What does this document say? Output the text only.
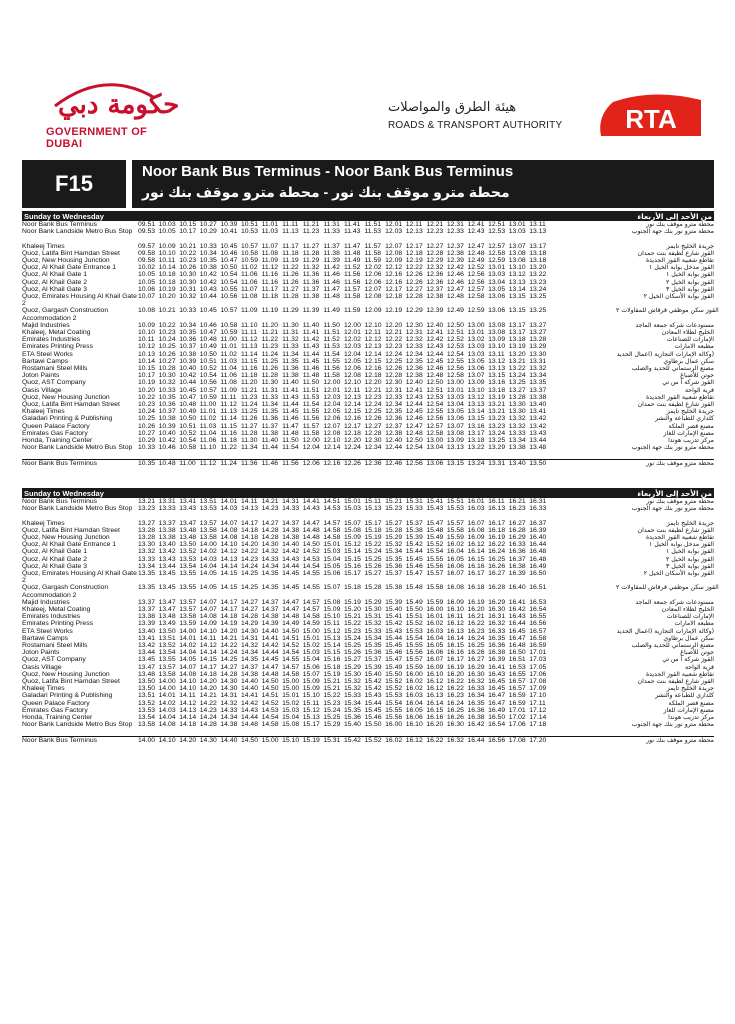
حكومة دبي
GOVERNMENT OF DUBAI
هيئة الطرق والمواصلات
ROADS & TRANSPORT AUTHORITY RTA
F15	Noor Bank Bus Terminus - Noor Bank Bus Terminus
محطة مترو موقف بنك نور - محطة مترو موقف بنك نور
Sunday to Wednesday	من الأحد إلى الأربعاء
Noor Bank Bus Terminus	09.51 10.03 10.15 10.27 10.39 10.51 11.01 11.11 11.21 11.31 11.41 11.51 12.01 12.11 12.21 12.31 12.41 12.51 13.01 13.11	محطة مترو موقف بنك نور
Noor Bank Landside Metro Bus Stop 09.53 10.05 10.17 10.29 10.41 10.53 11.03 11.13 11.23 11.33 11.43 11.53 12.03 12.13 12.23 12.33 12.43 12.53 13.03 13.13	محطة مترو نور بنك جهة الجنوب
Khaleej Times	09.57 10.09 10.21 10.33 10.45 10.57 11.07 11.17 11.27 11.37 11.47 11.57 12.07 12.17 12.27 12.37 12.47 12.57 13.07 13.17	جريدة الخليج تايمز
Quoz, Latifa Bint Hamdan Street	09.58 10.10 10.22 10.34 10.46 10.58 11.08 11.18 11.28 11.38 11.48 11.58 12.08 12.18 12.28 12.38 12.48 12.58 13.08 13.18	القوز شارع لطيفة بنت حمدان
Quoz, New Housing Junction	09.58 10.11 10.23 10.35 10.47 10.59 11.09 11.19 11.29 11.39 11.49 11.59 12.09 12.19 12.29 12.39 12.49 12.59 13.08 13.18	تقاطع شعبية القوز الجديدة
Quoz, Al Khail Gate Entrance 1	10.02 10.14 10.26 10.38 10.50 11.02 11.12 11.22 11.32 11.42 11.52 12.02 12.12 12.22 12.32 12.42 12.52 13.01 13.10 13.20	القوز مدخل بوابة الخيل ١
Quoz, Al Khail Gate 1	10.05 10.18 10.30 10.42 10.54 11.06 11.16 11.26 11.36 11.46 11.56 12.06 12.16 12.26 12.36 12.46 12.56 13.03 13.12 13.22	القوز بوابة الخيل ١
Quoz, Al Khail Gate 2	10.05 10.18 10.30 10.42 10.54 11.06 11.16 11.26 11.36 11.46 11.56 12.06 12.16 12.26 12.36 12.46 12.56 13.04 13.13 13.23	القوز بوابة الخيل ٢
Quoz, Al Khail Gate 3	10.06 10.19 10.31 10.43 10.55 11.07 11.17 11.27 11.37 11.47 11.57 12.07 12.17 12.27 12.37 12.47 12.57 13.05 13.14 13.24	القوز بوابة الخيل ٣
Quoz, Emirates Housing Al Khail Gate 2
10.07 10.20 10.32 10.44 10.56 11.08 11.18 11.28 11.38 11.48 11.58 12.08 12.18 12.28 12.38 12.48 12.58 13.06 13.15 13.25	القوز بوابة الأسكان الخيل ٢
Quoz, Gargash Construction Accommodation 2
10.08 10.21 10.33 10.45 10.57 11.09 11.19 11.29 11.39 11.49 11.59 12.09 12.19 12.29 12.39 12.49 12.59 13.06 13.15 13.25	القوز سكن موظفي قرقاش للمقاولات ٢
Majid Industries	10.09 10.22 10.34 10.46 10.58 11.10 11.20 11.30 11.40 11.50 12.00 12.10 12.20 12.30 12.40 12.50 13.00 13.08 13.17 13.27	مستودعات شركة جمعة الماجد
Khaleej, Metal Coating	10.10 10.23 10.35 10.47 10.59 11.11 11.21 11.31 11.41 11.51 12.01 12.11 12.21 12.31 12.41 12.51 13.01 13.08 13.17 13.27	الخليج لطلاء المعادن
Emirates Industries	10.11 10.24 10.36 10.48 11.00 11.12 11.22 11.32 11.42 11.52 12.02 12.12 12.22 12.32 12.42 12.52 13.02 13.09 13.18 13.28	الإمارات للصناعات
Emirates Printing Press	10.12 10.25 10.37 10.49 11.01 11.13 11.23 11.33 11.43 11.53 12.03 12.13 12.23 12.33 12.43 12.53 13.03 13.10 13.19 13.29	مطبعة الامارات
ETA Steel Works	10.13 10.26 10.38 10.50 11.02 11.14 11.24 11.34 11.44 11.54 12.04 12.14 12.24 12.34 12.44 12.54 13.03 13.11 13.20 13.30	(وكالة الإمارات التجارية (اعمال الحديد
Bartawi Camps	10.14 10.27 10.39 10.51 11.03 11.15 11.25 11.35 11.45 11.55 12.05 12.15 12.25 12.35 12.45 12.55 13.05 13.12 13.21 13.31	سكن عمال برطاوي
Rostamani Steel Mills	10.15 10.28 10.40 10.52 11.04 11.16 11.26 11.36 11.46 11.56 12.06 12.16 12.26 12.36 12.46 12.56 13.06 13.13 13.22 13.32	مصنع الرستماني للحديد والصلب
Joton Paints	10.17 10.30 10.42 10.54 11.06 11.18 11.28 11.38 11.48 11.58 12.08 12.18 12.28 12.38 12.48 12.58 13.07 13.15 13.24 13.34	جوتن للأصباغ
Quoz, AST Company	10.19 10.32 10.44 10.56 11.08 11.20 11.30 11.40 11.50 12.00 12.10 12.20 12.30 12.40 12.50 13.00 13.09 13.16 13.25 13.35	القوز شركة أ س تي
Oasis Village	10.20 10.33 10.45 10.57 11.09 11.21 11.31 11.41 11.51 12.01 12.11 12.21 12.31 12.41 12.51 13.01 13.10 13.18 13.27 13.37	قرية الواحة
Quoz, New Housing Junction	10.22 10.35 10.47 10.59 11.11 11.23 11.33 11.43 11.53 12.03 12.13 12.23 12.33 12.43 12.53 13.03 13.12 13.19 13.28 13.38	تقاطع شعبية القوز الجديدة
Quoz, Latifa Bint Hamdan Street	10.23 10.36 10.48 11.00 11.12 11.24 11.34 11.44 11.54 12.04 12.14 12.24 12.34 12.44 12.54 13.04 13.13 13.21 13.30 13.40	القوز شارع لطيفة بنت حمدان
Khaleej Times	10.24 10.37 10.49 11.01 11.13 11.25 11.35 11.45 11.55 12.05 12.15 12.25 12.35 12.45 12.55 13.05 13.14 13.21 13.30 13.41	جريدة الخليج تايمز
Galadari Printing & Publishing	10.25 10.38 10.50 11.02 11.14 11.26 11.36 11.46 11.56 12.06 12.16 12.26 12.36 12.46 12.56 13.06 13.15 13.23 13.32 13.42	كلداري للطباعة والنشر
Queen Palace Factory	10.26 10.39 10.51 11.03 11.15 11.27 11.37 11.47 11.57 12.07 12.17 12.27 12.37 12.47 12.57 13.07 13.16 13.23 13.32 13.42	مصنع قصر الملكة
Emirates Gas Factory	10.27 10.40 10.52 11.04 11.16 11.28 11.38 11.48 11.58 12.08 12.18 12.28 12.38 12.48 12.58 13.08 13.17 13.24 13.33 13.43	مصنع الإمارات للغاز
Honda, Training Center	10.29 10.42 10.54 11.06 11.18 11.30 11.40 11.50 12.00 12.10 12.20 12.30 12.40 12.50 13.00 13.09 13.18 13.25 13.34 13.44	مركز تدريب هوندا
Noor Bank Landside Metro Bus Stop 10.33 10.46 10.58 11.10 11.22 11.34 11.44 11.54 12.04 12.14 12.24 12.34 12.44 12.54 13.04 13.13 13.22 13.29 13.38 13.48	محطة مترو نور بنك جهة الجنوب
Noor Bank Bus Terminus	10.35 10.48 11.00 11.12 11.24 11.36 11.46 11.56 12.06 12.16 12.26 12.36 12.46 12.56 13.06 13.15 13.24 13.31 13.40 13.50	محطة مترو موقف بنك نور
Sunday to Wednesday	من الأحد إلى الأربعاء
Noor Bank Bus Terminus	13.21 13.31 13.41 13.51 14.01 14.11 14.21 14.31 14.41 14.51 15.01 15.11 15.21 15.31 15.41 15.51 16.01 16.11 16.21 16.31	محطة مترو موقف بنك نور
Noor Bank Landside Metro Bus Stop 13.23 13.33 13.43 13.53 14.03 14.13 14.23 14.33 14.43 14.53 15.03 15.13 15.23 15.33 15.43 15.53 16.03 16.13 16.23 16.33	محطة مترو نور بنك جهة الجنوب
Khaleej Times	13.27 13.37 13.47 13.57 14.07 14.17 14.27 14.37 14.47 14.57 15.07 15.17 15.27 15.37 15.47 15.57 16.07 16.17 16.27 16.37	جريدة الخليج تايمز
Quoz, Latifa Bint Hamdan Street	13.28 13.38 13.48 13.58 14.08 14.18 14.28 14.38 14.48 14.58 15.08 15.18 15.28 15.38 15.48 15.58 16.08 16.18 16.28 16.39	القوز شارع لطيفة بنت حمدان
Quoz, New Housing Junction	13.28 13.38 13.48 13.58 14.08 14.18 14.28 14.38 14.48 14.58 15.09 15.19 15.29 15.39 15.49 15.59 16.09 16.19 16.29 16.40	تقاطع شعبية القوز الجديدة
Quoz, Al Khail Gate Entrance 1	13.30 13.40 13.50 14.00 14.10 14.20 14.30 14.40 14.50 15.01 15.12 15.22 15.32 15.42 15.52 16.02 16.12 16.22 16.33 16.44	القوز مدخل بوابة الخيل ١
Quoz, Al Khail Gate 1	13.32 13.42 13.52 14.02 14.12 14.22 14.32 14.42 14.52 15.03 15.14 15.24 15.34 15.44 15.54 16.04 16.14 16.24 16.36 16.48	القوز بوابة الخيل ١
Quoz, Al Khail Gate 2	13.33 13.43 13.53 14.03 14.13 14.23 14.33 14.43 14.53 15.04 15.15 15.25 15.35 15.45 15.55 16.05 16.15 16.25 16.37 16.48	القوز بوابة الخيل ٢
Quoz, Al Khail Gate 3	13.34 13.44 13.54 14.04 14.14 14.24 14.34 14.44 14.54 15.05 15.16 15.26 15.36 15.46 15.56 16.06 16.16 16.26 16.38 16.49	القوز بوابة الخيل ٣
Quoz, Emirates Housing Al Khail Gate 2
13.35 13.45 13.55 14.05 14.15 14.25 14.35 14.45 14.55 15.06 15.17 15.27 15.37 15.47 15.57 16.07 16.17 16.27 16.39 16.50	القوز بوابة الأسكان الخيل ٢
Quoz, Gargash Construction Accommodation 2
13.35 13.45 13.55 14.05 14.15 14.25 14.35 14.45 14.55 15.07 15.18 15.28 15.38 15.48 15.58 16.08 16.18 16.28 16.40 16.51	القوز سكن موظفي قرقاش للمقاولات ٢
Majid Industries	13.37 13.47 13.57 14.07 14.17 14.27 14.37 14.47 14.57 15.08 15.19 15.29 15.39 15.49 15.59 16.09 16.19 16.29 16.41 16.53	مستودعات شركة جمعة الماجد
Khaleej, Metal Coating	13.37 13.47 13.57 14.07 14.17 14.27 14.37 14.47 14.57 15.09 15.20 15.30 15.40 15.50 16.00 16.10 16.20 16.30 16.42 16.54	الخليج لطلاء المعادن
Emirates Industries	13.38 13.48 13.58 14.08 14.18 14.28 14.38 14.48 14.58 15.10 15.21 15.31 15.41 15.51 16.01 16.11 16.21 16.31 16.43 16.55	الإمارات للصناعات
Emirates Printing Press	13.39 13.49 13.59 14.09 14.19 14.29 14.39 14.49 14.59 15.11 15.22 15.32 15.42 15.52 16.02 16.12 16.22 16.32 16.44 16.56	مطبعة الامارات
ETA Steel Works	13.40 13.50 14.00 14.10 14.20 14.30 14.40 14.50 15.00 15.12 15.23 15.33 15.43 15.53 16.03 16.13 16.23 16.33 16.45 16.57	(وكالة الإمارات التجارية (اعمال الحديد
Bartawi Camps	13.41 13.51 14.01 14.11 14.21 14.31 14.41 14.51 15.01 15.13 15.24 15.34 15.44 15.54 16.04 16.14 16.24 16.35 16.47 16.58	سكن عمال برطاوي
Rostamani Steel Mills	13.42 13.52 14.02 14.12 14.22 14.32 14.42 14.52 15.02 15.14 15.25 15.35 15.45 15.55 16.05 16.15 16.25 16.36 16.48 16.59	مصنع الرستماني للحديد والصلب
Joton Paints	13.44 13.54 14.04 14.14 14.24 14.34 14.44 14.54 15.03 15.15 15.26 15.36 15.46 15.56 16.06 16.16 16.26 16.38 16.50 17.01	جوتن للأصباغ
Quoz, AST Company	13.45 13.55 14.05 14.15 14.25 14.35 14.45 14.55 15.04 15.16 15.27 15.37 15.47 15.57 16.07 16.17 16.27 16.39 16.51 17.03	القوز شركة أ س تي
Oasis Village	13.47 13.57 14.07 14.17 14.27 14.37 14.47 14.57 15.06 15.18 15.29 15.39 15.49 15.59 16.09 16.19 16.29 16.41 16.53 17.05	قرية الواحة
Quoz, New Housing Junction	13.48 13.58 14.08 14.18 14.28 14.38 14.48 14.58 15.07 15.19 15.30 15.40 15.50 16.00 16.10 16.20 16.30 16.43 16.55 17.06	تقاطع شعبية القوز الجديدة
Quoz, Latifa Bint Hamdan Street	13.50 14.00 14.10 14.20 14.30 14.40 14.50 15.00 15.09 15.21 15.32 15.42 15.52 16.02 16.12 16.22 16.32 16.45 16.57 17.08	القوز شارع لطيفة بنت حمدان
Khaleej Times	13.50 14.00 14.10 14.20 14.30 14.40 14.50 15.00 15.09 15.21 15.32 15.42 15.52 16.02 16.12 16.22 16.33 16.45 16.57 17.09	جريدة الخليج تايمز
Galadari Printing & Publishing	13.51 14.01 14.11 14.21 14.31 14.41 14.51 15.01 15.10 15.22 15.33 15.43 15.53 16.03 16.13 16.23 16.34 16.47 16.59 17.10	كلداري للطباعة والنشر
Queen Palace Factory	13.52 14.02 14.12 14.22 14.32 14.42 14.52 15.02 15.11 15.23 15.34 15.44 15.54 16.04 16.14 16.24 16.35 16.47 16.59 17.11	مصنع قصر الملكة
Emirates Gas Factory	13.53 14.03 14.13 14.23 14.33 14.43 14.53 15.03 15.12 15.24 15.35 15.45 15.55 16.05 16.15 16.25 16.36 16.49 17.01 17.12	مصنع الإمارات للغاز
Honda, Training Center	13.54 14.04 14.14 14.24 14.34 14.44 14.54 15.04 15.13 15.25 15.36 15.46 15.56 16.06 16.16 16.26 16.38 16.50 17.02 17.14	مركز تدريب هوندا
Noor Bank Landside Metro Bus Stop 13.58 14.08 14.18 14.28 14.38 14.48 14.58 15.08 15.17 15.29 15.40 15.50 16.00 16.10 16.20 16.30 16.42 16.54 17.06 17.18	محطة مترو نور بنك جهة الجنوب
Noor Bank Bus Terminus	14.00 14.10 14.20 14.30 14.40 14.50 15.00 15.10 15.19 15.31 15.42 15.52 16.02 16.12 16.22 16.32 16.44 16.56 17.08 17.20	محطة مترو موقف بنك نور
